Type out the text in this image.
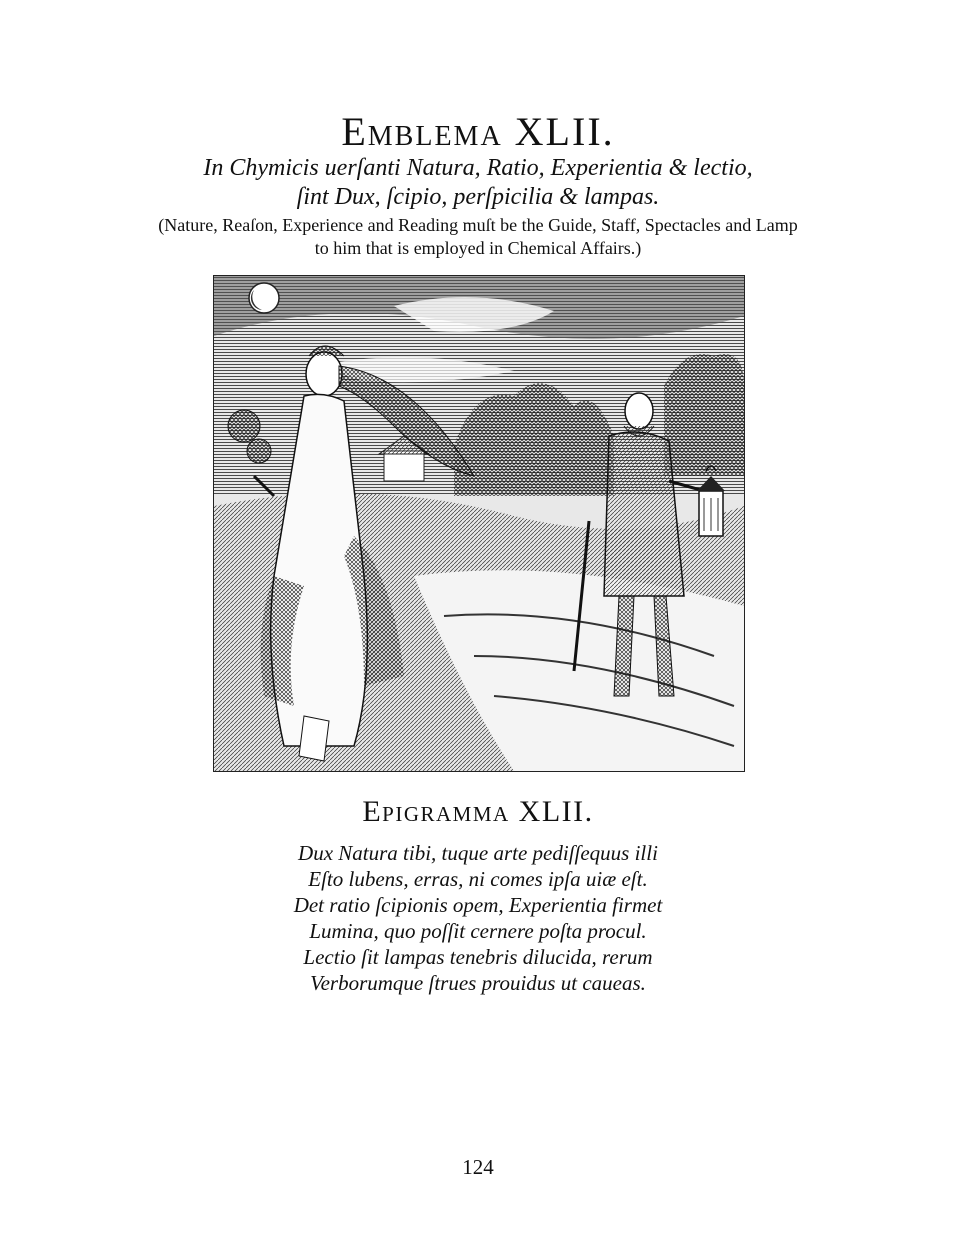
Emblema XLII.
In Chymicis uerſanti Natura, Ratio, Experientia & lectio,
ſint Dux, ſcipio, perſpicilia & lampas.
(Nature, Reaſon, Experience and Reading muſt be the Guide, Staff, Spectacles and Lamp
to him that is employed in Chemical Affairs.)
Epigramma XLII.
Dux Natura tibi, tuque arte pediſſequus illi
Eſto lubens, erras, ni comes ipſa uiæ eſt.
Det ratio ſcipionis opem, Experientia firmet
Lumina, quo poſſit cernere poſta procul.
Lectio ſit lampas tenebris dilucida, rerum
Verborumque ſtrues prouidus ut caueas.
124
